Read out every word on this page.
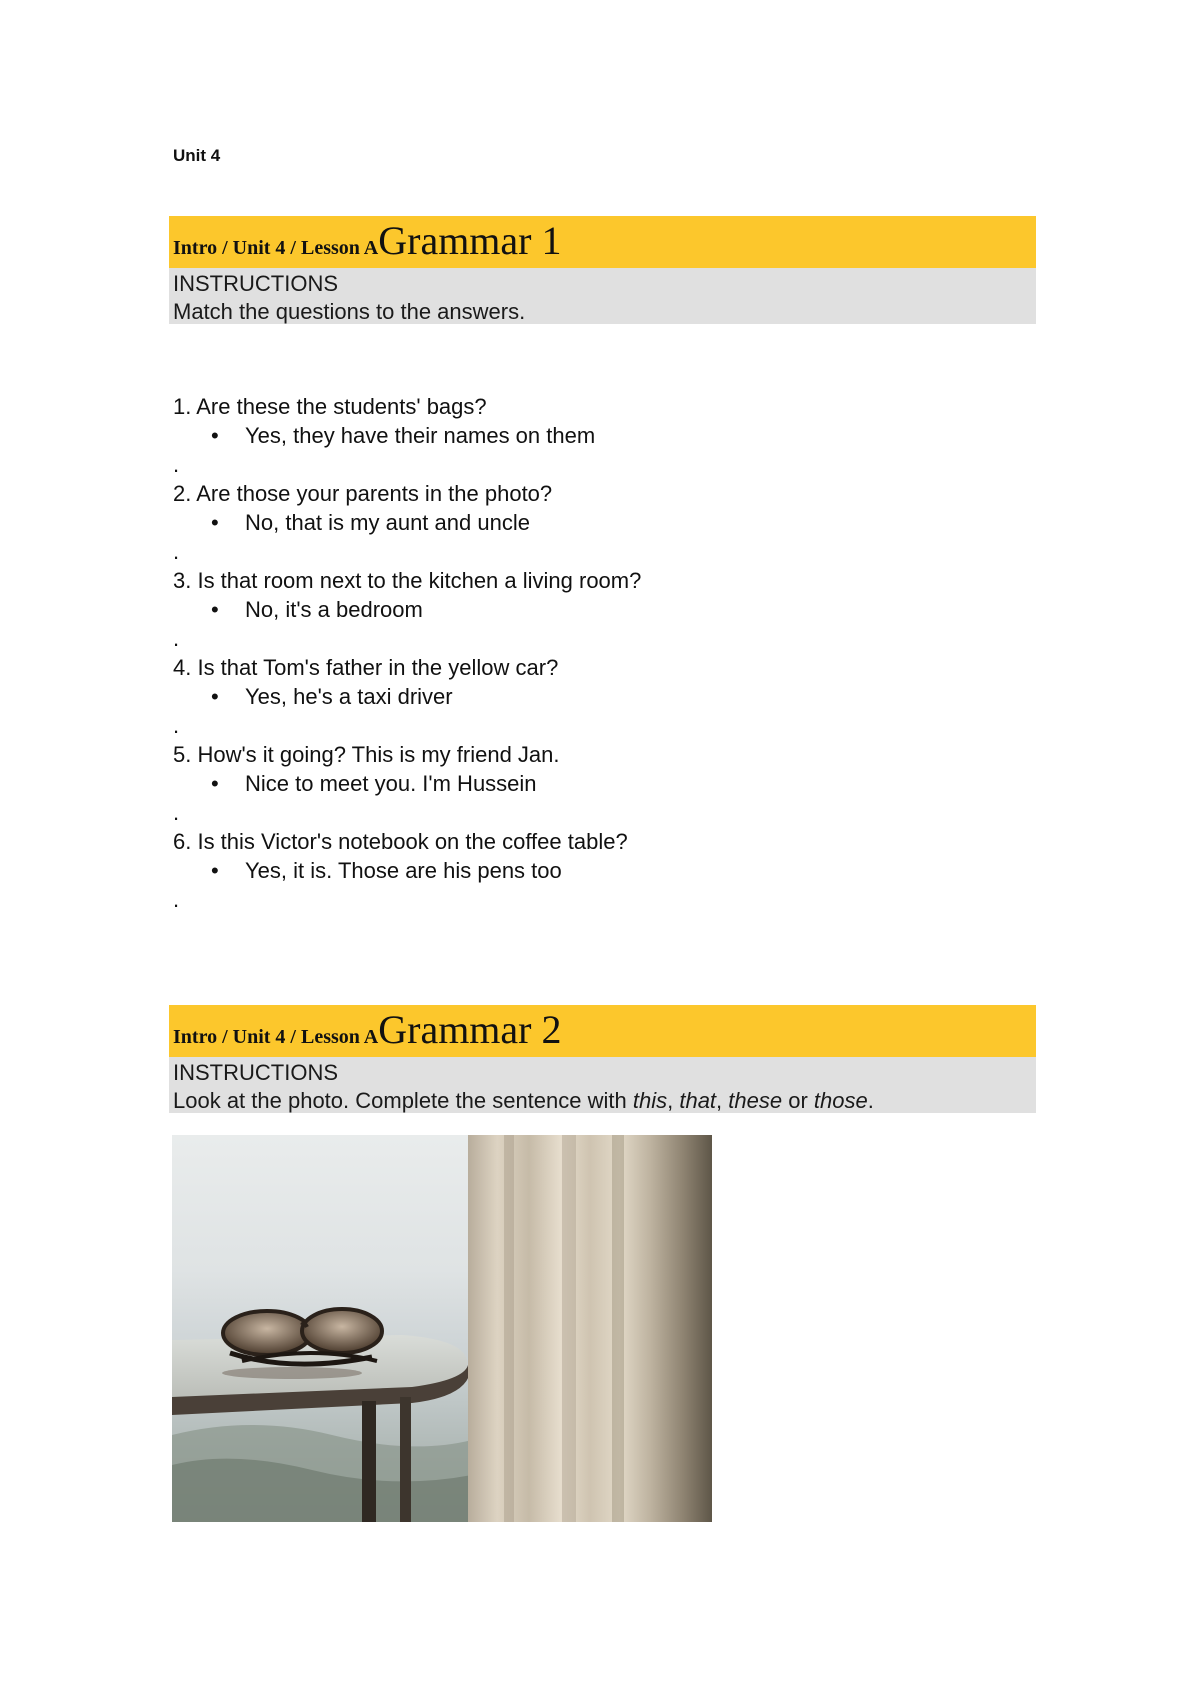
Unit 4
Intro / Unit 4 / Lesson AGrammar 1
INSTRUCTIONS
Match the questions to the answers.
1. Are these the students' bags?
• Yes, they have their names on them
.
2. Are those your parents in the photo?
• No, that is my aunt and uncle
.
3. Is that room next to the kitchen a living room?
• No, it's a bedroom
.
4. Is that Tom's father in the yellow car?
• Yes, he's a taxi driver
.
5. How's it going? This is my friend Jan.
• Nice to meet you. I'm Hussein
.
6. Is this Victor's notebook on the coffee table?
• Yes, it is. Those are his pens too
.
Intro / Unit 4 / Lesson AGrammar 2
INSTRUCTIONS
Look at the photo. Complete the sentence with this, that, these or those.
